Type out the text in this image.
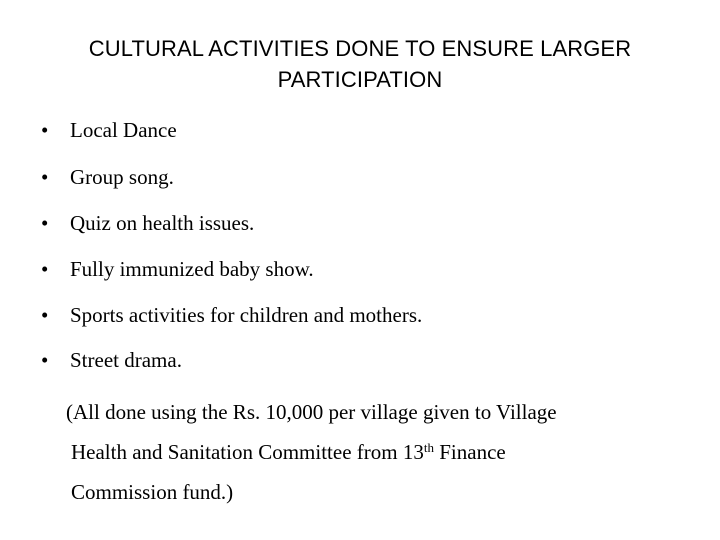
CULTURAL ACTIVITIES DONE TO ENSURE LARGER
PARTICIPATION
• Local Dance
• Group song.
• Quiz on health issues.
• Fully immunized baby show.
• Sports activities for children and mothers.
• Street drama.
(All done using the Rs. 10,000 per village given to Village
Health and Sanitation Committee from 13th Finance
Commission fund.)
